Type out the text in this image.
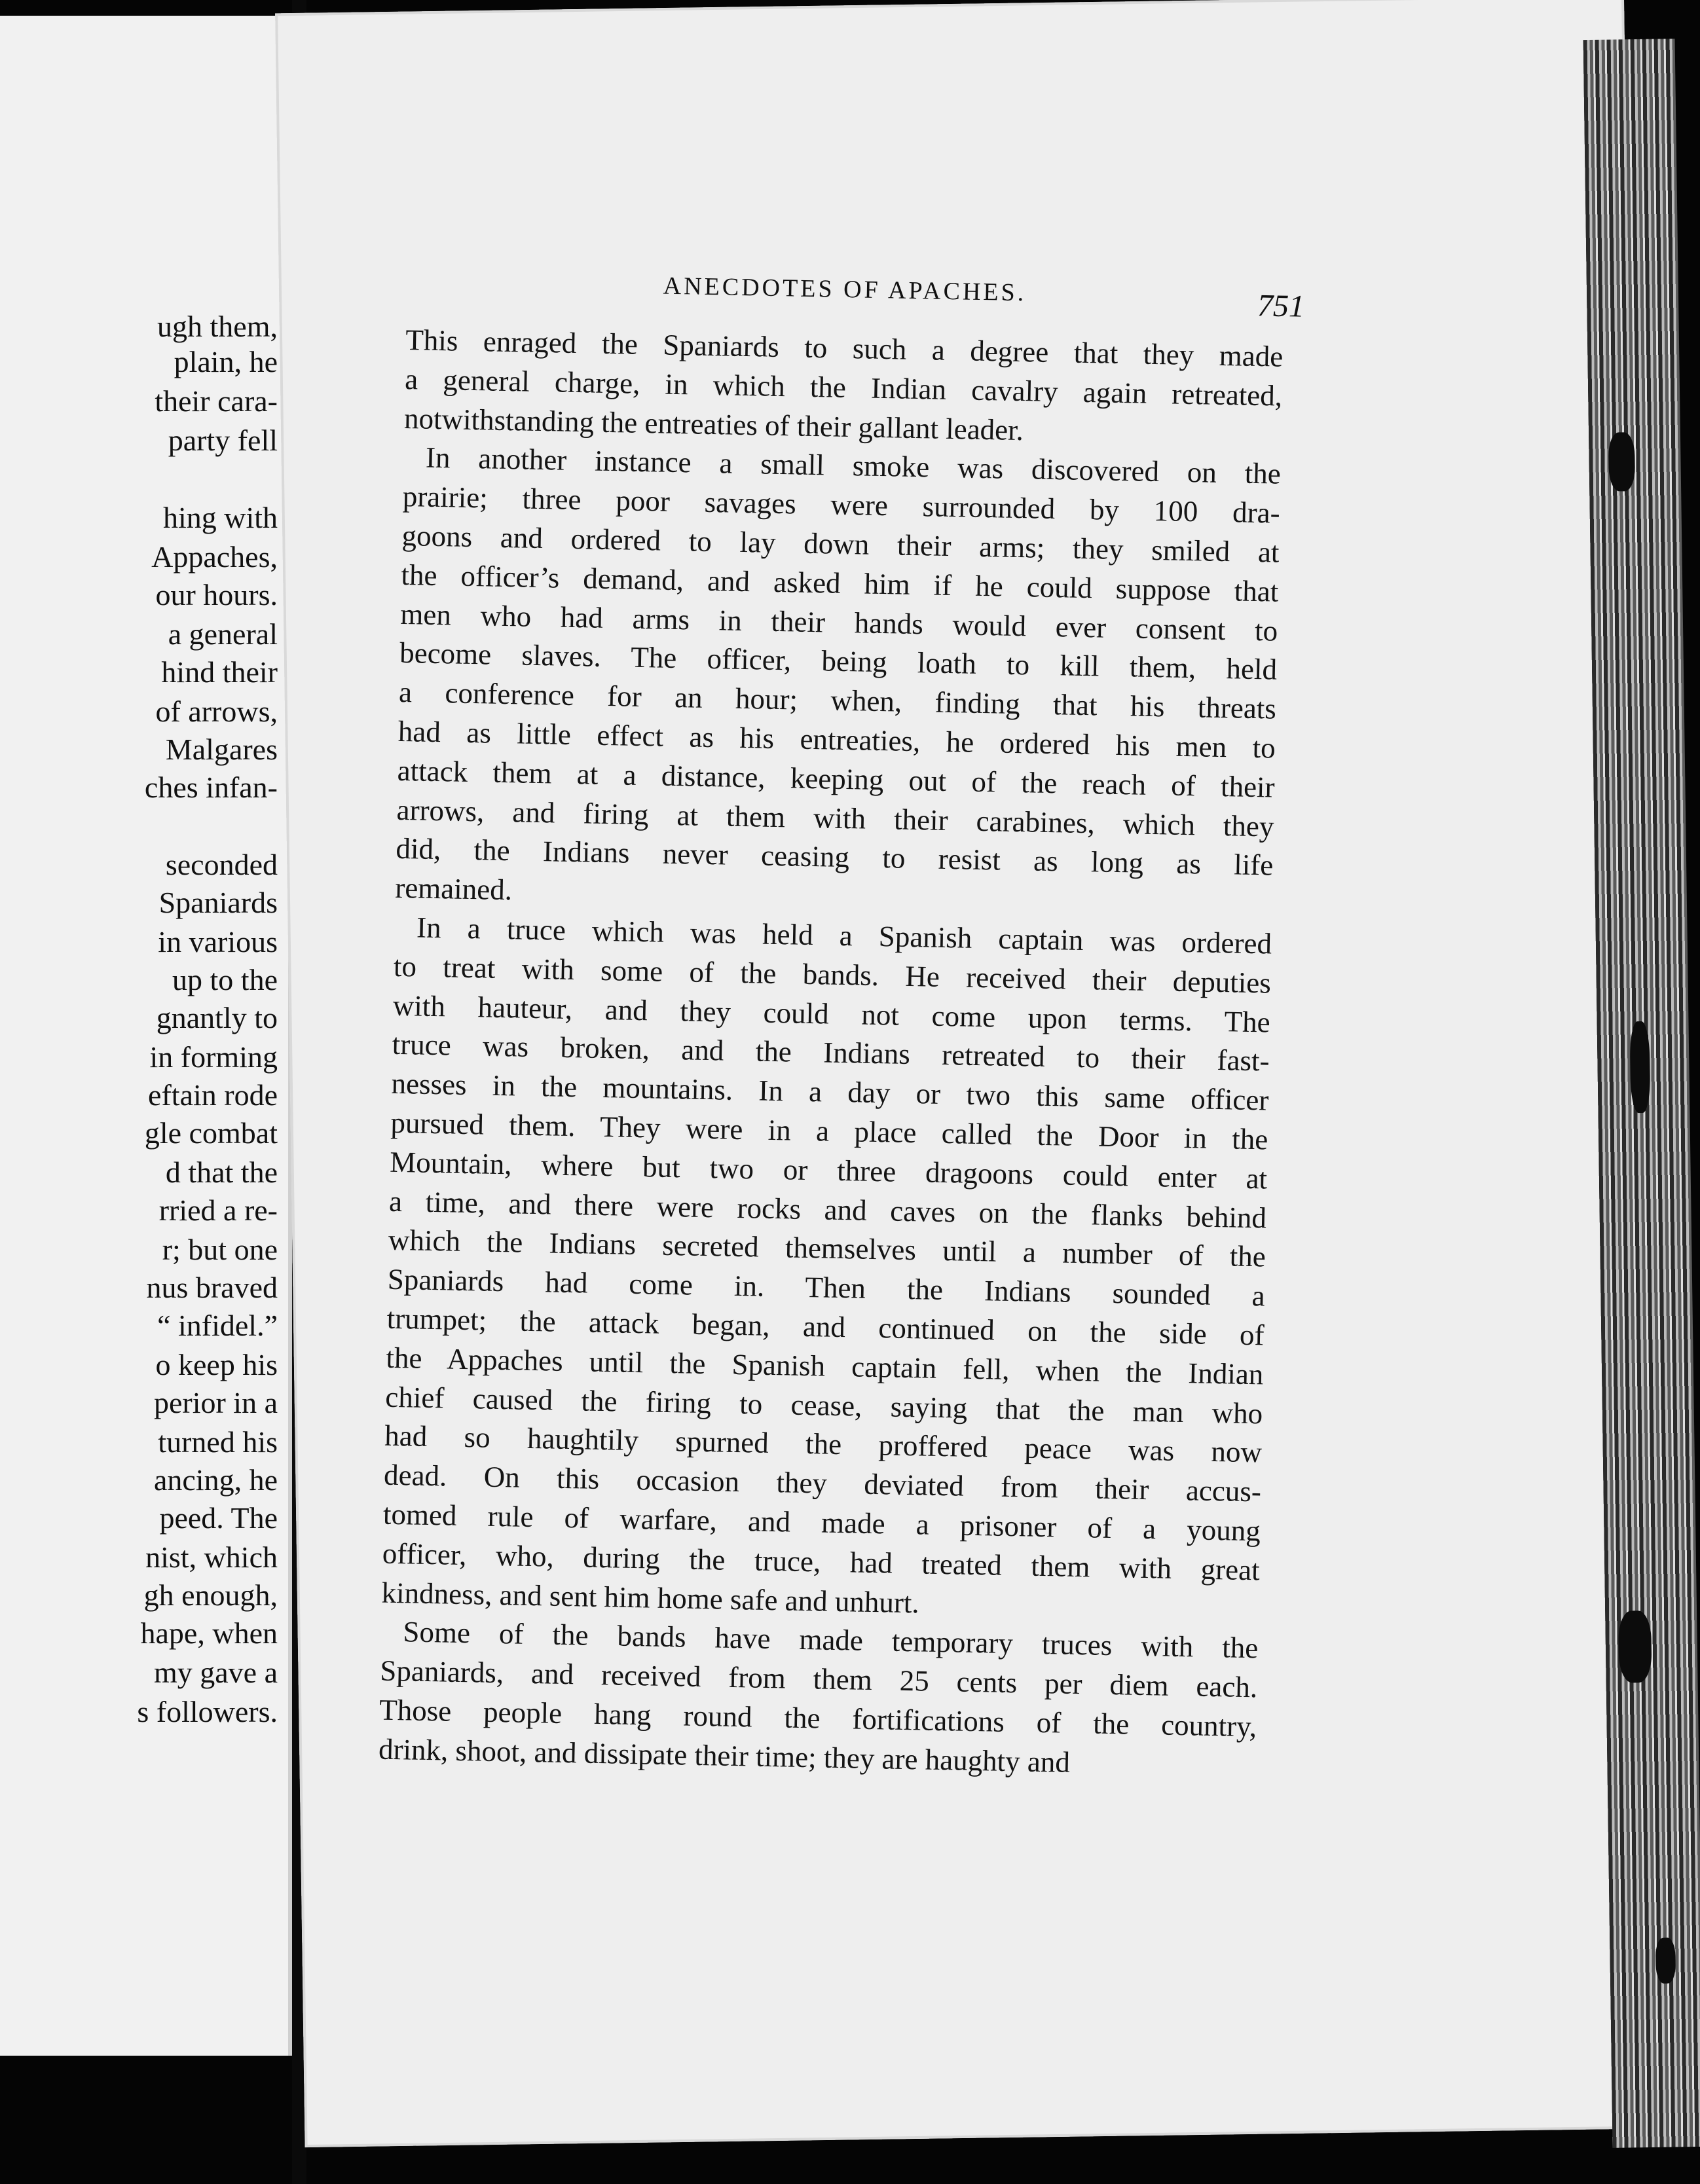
ugh them,
plain, he
their cara-
party fell
hing with
Appaches,
our hours.
a general
hind their
of arrows,
Malgares
ches infan-
seconded
Spaniards
in various
up to the
gnantly to
in forming
eftain rode
gle combat
d that the
rried a re-
r; but one
nus braved
“ infidel.”
o keep his
perior in a
turned his
ancing, he
peed. The
nist, which
gh enough,
hape, when
my gave a
s followers.
ANECDOTES OF APACHES.	751
This enraged the Spaniards to such a degree that they made
a general charge, in which the Indian cavalry again retreated,
notwithstanding the entreaties of their gallant leader.
In another instance a small smoke was discovered on the
prairie; three poor savages were surrounded by 100 dra-
goons and ordered to lay down their arms; they smiled at
the officer’s demand, and asked him if he could suppose that
men who had arms in their hands would ever consent to
become slaves. The officer, being loath to kill them, held
a conference for an hour; when, finding that his threats
had as little effect as his entreaties, he ordered his men to
attack them at a distance, keeping out of the reach of their
arrows, and firing at them with their carabines, which they
did, the Indians never ceasing to resist as long as life
remained.
In a truce which was held a Spanish captain was ordered
to treat with some of the bands. He received their deputies
with hauteur, and they could not come upon terms. The
truce was broken, and the Indians retreated to their fast-
nesses in the mountains. In a day or two this same officer
pursued them. They were in a place called the Door in the
Mountain, where but two or three dragoons could enter at
a time, and there were rocks and caves on the flanks behind
which the Indians secreted themselves until a number of the
Spaniards had come in. Then the Indians sounded a
trumpet; the attack began, and continued on the side of
the Appaches until the Spanish captain fell, when the Indian
chief caused the firing to cease, saying that the man who
had so haughtily spurned the proffered peace was now
dead. On this occasion they deviated from their accus-
tomed rule of warfare, and made a prisoner of a young
officer, who, during the truce, had treated them with great
kindness, and sent him home safe and unhurt.
Some of the bands have made temporary truces with the
Spaniards, and received from them 25 cents per diem each.
Those people hang round the fortifications of the country,
drink, shoot, and dissipate their time; they are haughty and
